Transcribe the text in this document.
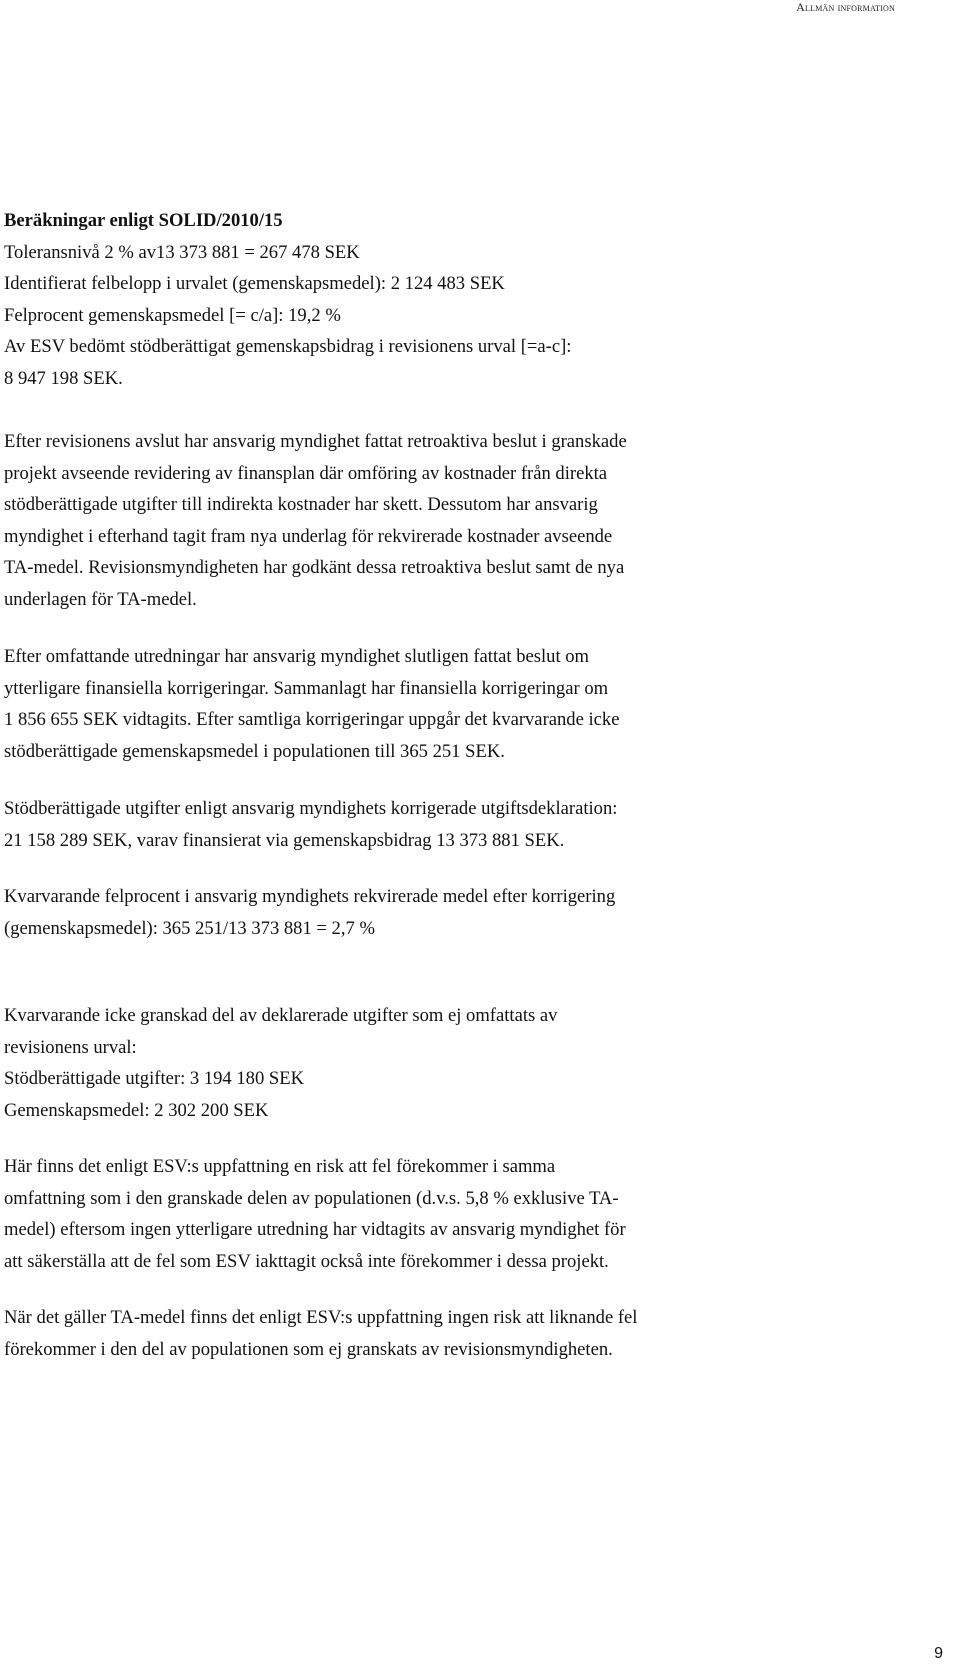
Allmän information
Beräkningar enligt SOLID/2010/15
Toleransnivå 2 % av13 373 881 = 267 478 SEK
Identifierat felbelopp i urvalet (gemenskapsmedel): 2 124 483 SEK
Felprocent gemenskapsmedel [= c/a]: 19,2 %
Av ESV bedömt stödberättigat gemenskapsbidrag i revisionens urval [=a-c]:
8 947 198 SEK.
Efter revisionens avslut har ansvarig myndighet fattat retroaktiva beslut i granskade
projekt avseende revidering av finansplan där omföring av kostnader från direkta
stödberättigade utgifter till indirekta kostnader har skett. Dessutom har ansvarig
myndighet i efterhand tagit fram nya underlag för rekvirerade kostnader avseende
TA-medel. Revisionsmyndigheten har godkänt dessa retroaktiva beslut samt de nya
underlagen för TA-medel.
Efter omfattande utredningar har ansvarig myndighet slutligen fattat beslut om
ytterligare finansiella korrigeringar. Sammanlagt har finansiella korrigeringar om
1 856 655 SEK vidtagits. Efter samtliga korrigeringar uppgår det kvarvarande icke
stödberättigade gemenskapsmedel i populationen till 365 251 SEK.
Stödberättigade utgifter enligt ansvarig myndighets korrigerade utgiftsdeklaration:
21 158 289 SEK, varav finansierat via gemenskapsbidrag 13 373 881 SEK.
Kvarvarande felprocent i ansvarig myndighets rekvirerade medel efter korrigering
(gemenskapsmedel): 365 251/13 373 881 = 2,7 %
Kvarvarande icke granskad del av deklarerade utgifter som ej omfattats av
revisionens urval:
Stödberättigade utgifter: 3 194 180 SEK
Gemenskapsmedel: 2 302 200 SEK
Här finns det enligt ESV:s uppfattning en risk att fel förekommer i samma
omfattning som i den granskade delen av populationen (d.v.s. 5,8 % exklusive TA-
medel) eftersom ingen ytterligare utredning har vidtagits av ansvarig myndighet för
att säkerställa att de fel som ESV iakttagit också inte förekommer i dessa projekt.
När det gäller TA-medel finns det enligt ESV:s uppfattning ingen risk att liknande fel
förekommer i den del av populationen som ej granskats av revisionsmyndigheten.
9
